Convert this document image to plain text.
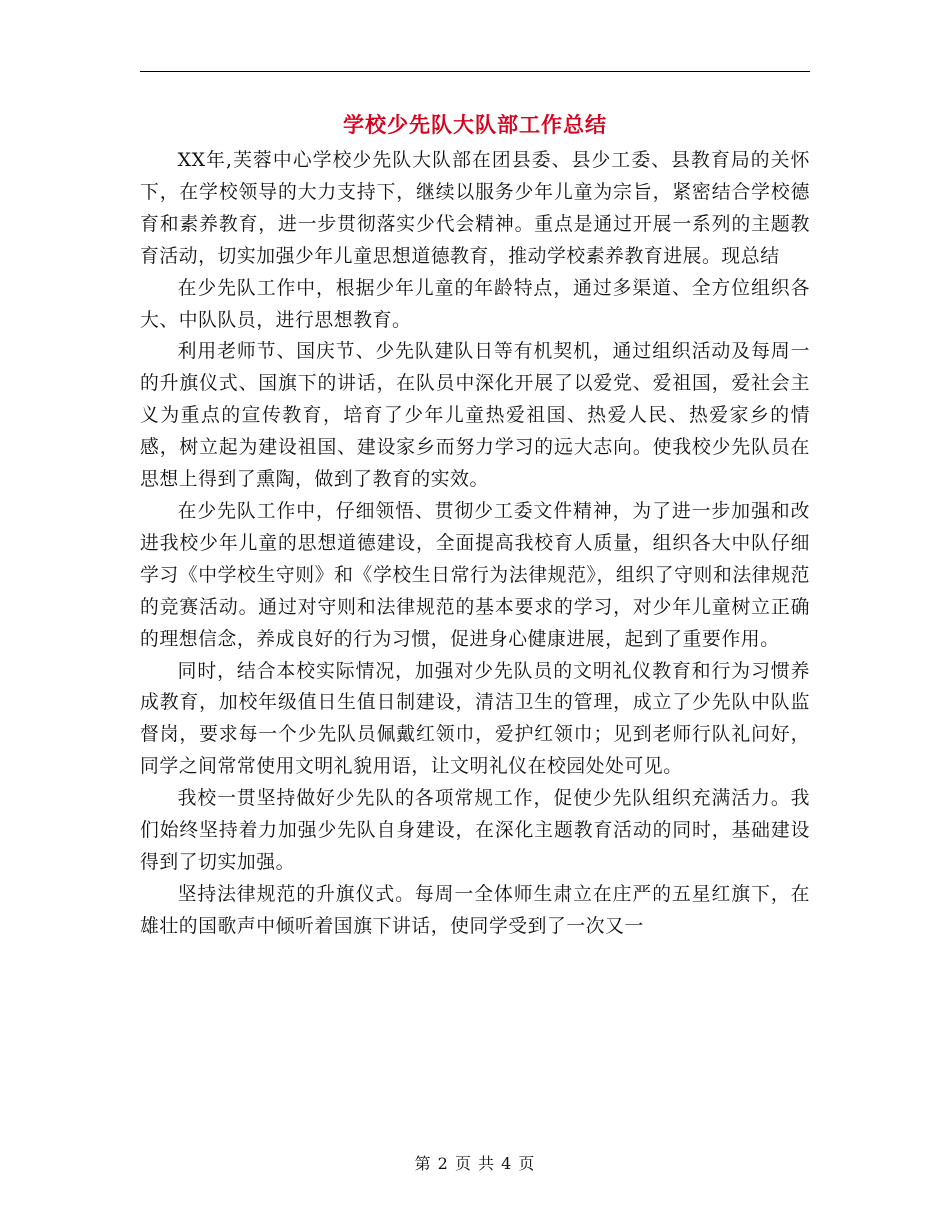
学校少先队大队部工作总结

XX年,芙蓉中心学校少先队大队部在团县委、县少工委、县教育局的关怀下，在学校领导的大力支持下，继续以服务少年儿童为宗旨，紧密结合学校德育和素养教育，进一步贯彻落实少代会精神。重点是通过开展一系列的主题教育活动，切实加强少年儿童思想道德教育，推动学校素养教育进展。现总结

在少先队工作中，根据少年儿童的年龄特点，通过多渠道、全方位组织各大、中队队员，进行思想教育。

利用老师节、国庆节、少先队建队日等有机契机，通过组织活动及每周一的升旗仪式、国旗下的讲话，在队员中深化开展了以爱党、爱祖国，爱社会主义为重点的宣传教育，培育了少年儿童热爱祖国、热爱人民、热爱家乡的情感，树立起为建设祖国、建设家乡而努力学习的远大志向。使我校少先队员在思想上得到了熏陶，做到了教育的实效。

在少先队工作中，仔细领悟、贯彻少工委文件精神，为了进一步加强和改进我校少年儿童的思想道德建设，全面提高我校育人质量，组织各大中队仔细学习《中学校生守则》和《学校生日常行为法律规范》，组织了守则和法律规范的竞赛活动。通过对守则和法律规范的基本要求的学习，对少年儿童树立正确的理想信念，养成良好的行为习惯，促进身心健康进展，起到了重要作用。

同时，结合本校实际情况，加强对少先队员的文明礼仪教育和行为习惯养成教育，加校年级值日生值日制建设，清洁卫生的管理，成立了少先队中队监督岗，要求每一个少先队员佩戴红领巾，爱护红领巾；见到老师行队礼问好，同学之间常常使用文明礼貌用语，让文明礼仪在校园处处可见。

我校一贯坚持做好少先队的各项常规工作，促使少先队组织充满活力。我们始终坚持着力加强少先队自身建设，在深化主题教育活动的同时，基础建设得到了切实加强。

坚持法律规范的升旗仪式。每周一全体师生肃立在庄严的五星红旗下，在雄壮的国歌声中倾听着国旗下讲话，使同学受到了一次又一

第 2 页 共 4 页
